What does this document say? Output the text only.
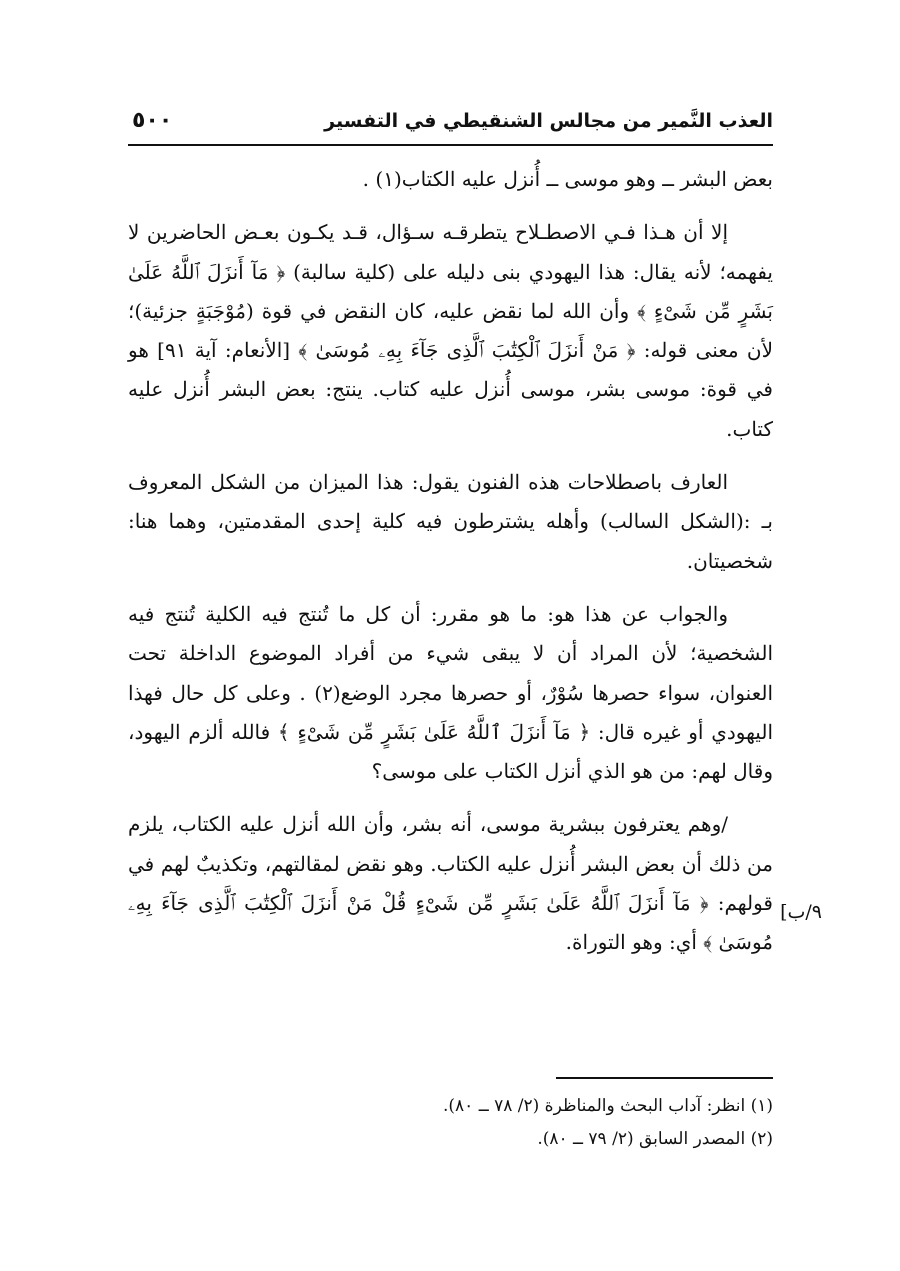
العذب النَّمير من مجالس الشنقيطي في التفسير
٥٠٠

بعض البشر ــ وهو موسى ــ أُنزل عليه الكتاب(١) .

إلا أن هـذا فـي الاصطـلاح يتطرقـه سـؤال، قـد يكـون بعـض الحاضرين لا يفهمه؛ لأنه يقال: هذا اليهودي بنى دليله على (كلية سالبة) ﴿ مَآ أَنزَلَ ٱللَّهُ عَلَىٰ بَشَرٍ مِّن شَىْءٍ ﴾ وأن الله لما نقض عليه، كان النقض في قوة (مُوْجَبَةٍ جزئية)؛ لأن معنى قوله: ﴿ مَنْ أَنزَلَ ٱلْكِتَٰبَ ٱلَّذِى جَآءَ بِهِۦ مُوسَىٰ ﴾ [الأنعام: آية ٩١] هو في قوة: موسى بشر، موسى أُنزل عليه كتاب. ينتج: بعض البشر أُنزل عليه كتاب.

العارف باصطلاحات هذه الفنون يقول: هذا الميزان من الشكل المعروف بـ :(الشكل السالب) وأهله يشترطون فيه كلية إحدى المقدمتين، وهما هنا: شخصيتان.

والجواب عن هذا هو: ما هو مقرر: أن كل ما تُنتج فيه الكلية تُنتج فيه الشخصية؛ لأن المراد أن لا يبقى شيء من أفراد الموضوع الداخلة تحت العنوان، سواء حصرها سُوْرٌ، أو حصرها مجرد الوضع(٢) . وعلى كل حال فهذا اليهودي أو غيره قال: ﴿ مَآ أَنزَلَ ٱللَّهُ عَلَىٰ بَشَرٍ مِّن شَىْءٍ ﴾ فالله ألزم اليهود، وقال لهم: من هو الذي أنزل الكتاب على موسى؟

/وهم يعترفون ببشرية موسى، أنه بشر، وأن الله أنزل عليه الكتاب، يلزم من ذلك أن بعض البشر أُنزل عليه الكتاب. وهو نقض لمقالتهم، وتكذيبٌ لهم في قولهم: ﴿ مَآ أَنزَلَ ٱللَّهُ عَلَىٰ بَشَرٍ مِّن شَىْءٍ قُلْ مَنْ أَنزَلَ ٱلْكِتَٰبَ ٱلَّذِى جَآءَ بِهِۦ مُوسَىٰ ﴾ أي: وهو التوراة.

٩/ب]
(١) انظر: آداب البحث والمناظرة (٢/ ٧٨ ــ ٨٠).
(٢) المصدر السابق (٢/ ٧٩ ــ ٨٠).
